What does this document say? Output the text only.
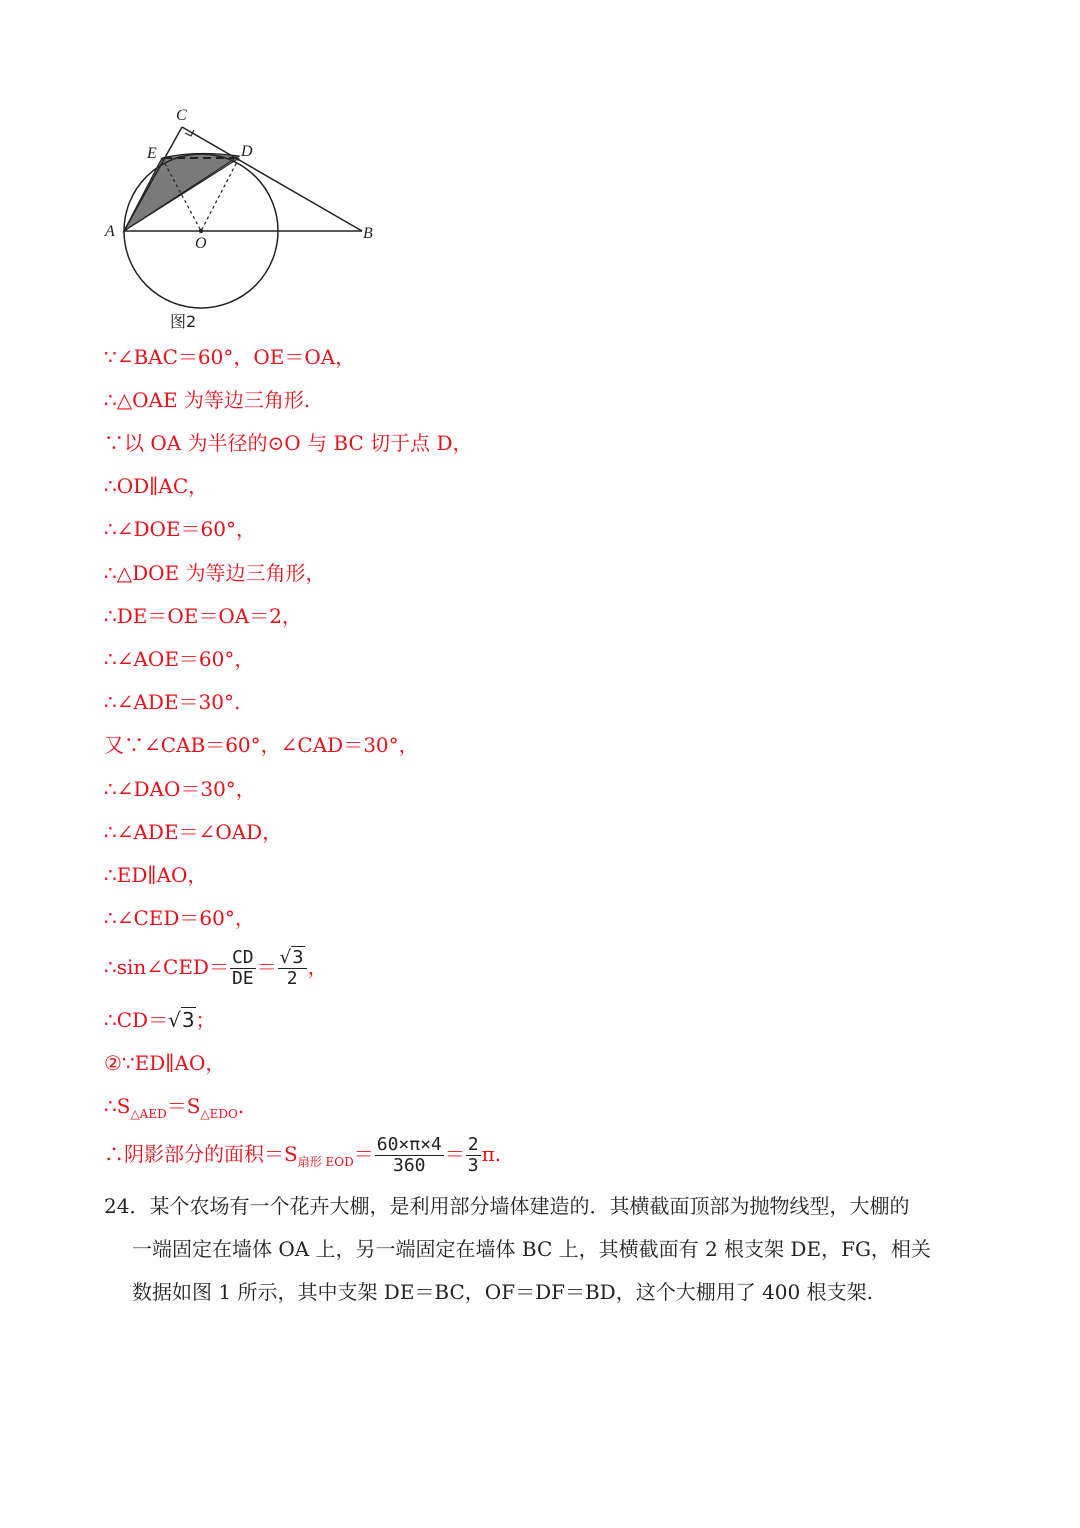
C
E	D
A
O
B
图2
∵∠BAC＝60°，OE＝OA，
∴△OAE 为等边三角形.
∵以 OA 为半径的⊙O 与 BC 切于点 D，
∴OD∥AC，
∴∠DOE＝60°，
∴△DOE 为等边三角形，
∴DE＝OE＝OA＝2，
∴∠AOE＝60°，
∴∠ADE＝30°.
又∵∠CAB＝60°，∠CAD＝30°，
∴∠DAO＝30°，
∴∠ADE＝∠OAD，
∴ED∥AO，
∴∠CED＝60°，
∴sin∠CED＝ $\frac{CD}{DE} = \frac{√3}{2}$ ，
∴CD＝√3；
②∵ED∥AO，
$\therefore S_{\triangle AED}=S_{\triangle EDO}$.
∴阴影部分的面积$=S_{扇形 EOD}= \frac{60\times\pi\times 4}{360} = \frac{2}{3} \pi$.
24．某个农场有一个花卉大棚，是利用部分墙体建造的．其横截面顶部为抛物线型，大棚的
一端固定在墙体 OA 上，另一端固定在墙体 BC 上，其横截面有 2 根支架 DE，FG，相关
数据如图 1 所示，其中支架 DE＝BC，OF＝DF＝BD，这个大棚用了 400 根支架.
